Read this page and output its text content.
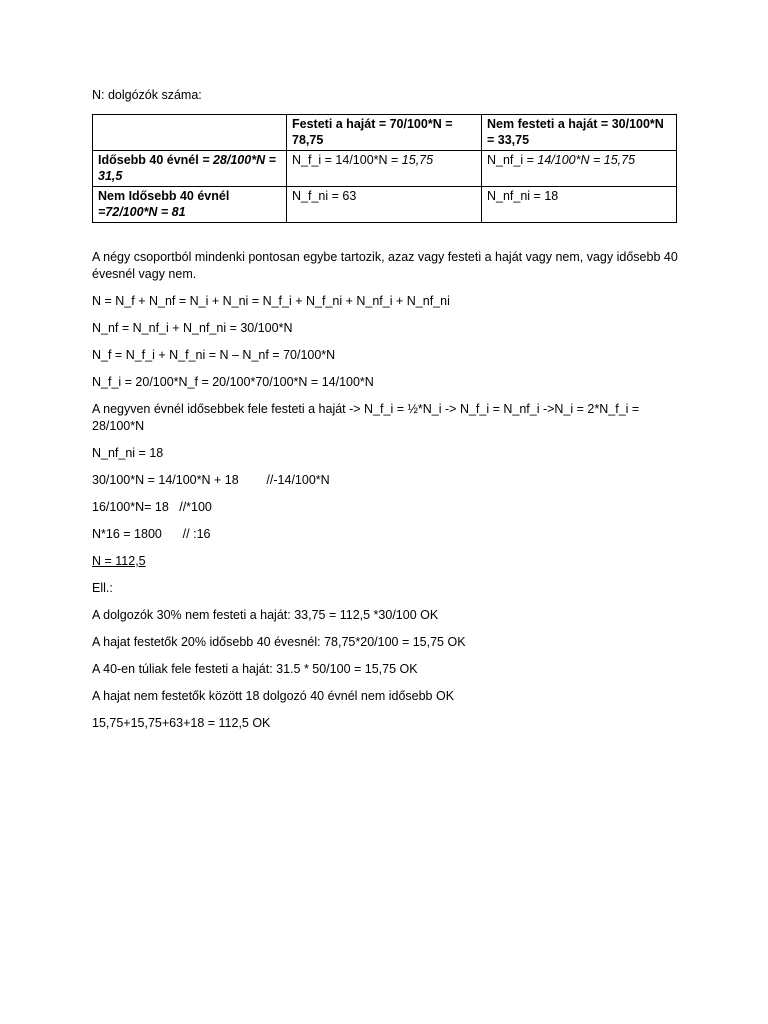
N: dolgózók száma:

	Festeti a haját = 70/100*N = 78,75	Nem festeti a haját = 30/100*N = 33,75
Idősebb 40 évnél = 28/100*N = 31,5	N_f_i = 14/100*N = 15,75	N_nf_i = 14/100*N = 15,75
Nem Idősebb 40 évnél =72/100*N = 81	N_f_ni = 63	N_nf_ni = 18

A négy csoportból mindenki pontosan egybe tartozik, azaz vagy festeti a haját vagy nem, vagy idősebb 40 évesnél vagy nem.

N = N_f + N_nf = N_i + N_ni = N_f_i + N_f_ni + N_nf_i + N_nf_ni

N_nf = N_nf_i + N_nf_ni = 30/100*N

N_f = N_f_i + N_f_ni = N – N_nf = 70/100*N

N_f_i = 20/100*N_f = 20/100*70/100*N = 14/100*N

A negyven évnél idősebbek fele festeti a haját -> N_f_i = ½*N_i -> N_f_i = N_nf_i ->N_i = 2*N_f_i = 28/100*N

N_nf_ni = 18

30/100*N = 14/100*N + 18        //-14/100*N

16/100*N= 18   //*100

N*16 = 1800      // :16

N = 112,5

Ell.:

A dolgozók 30% nem festeti a haját: 33,75 = 112,5 *30/100 OK

A hajat festetők 20% idősebb 40 évesnél: 78,75*20/100 = 15,75 OK

A 40-en túliak fele festeti a haját: 31.5 * 50/100 = 15,75 OK

A hajat nem festetők között 18 dolgozó 40 évnél nem idősebb OK

15,75+15,75+63+18 = 112,5 OK
